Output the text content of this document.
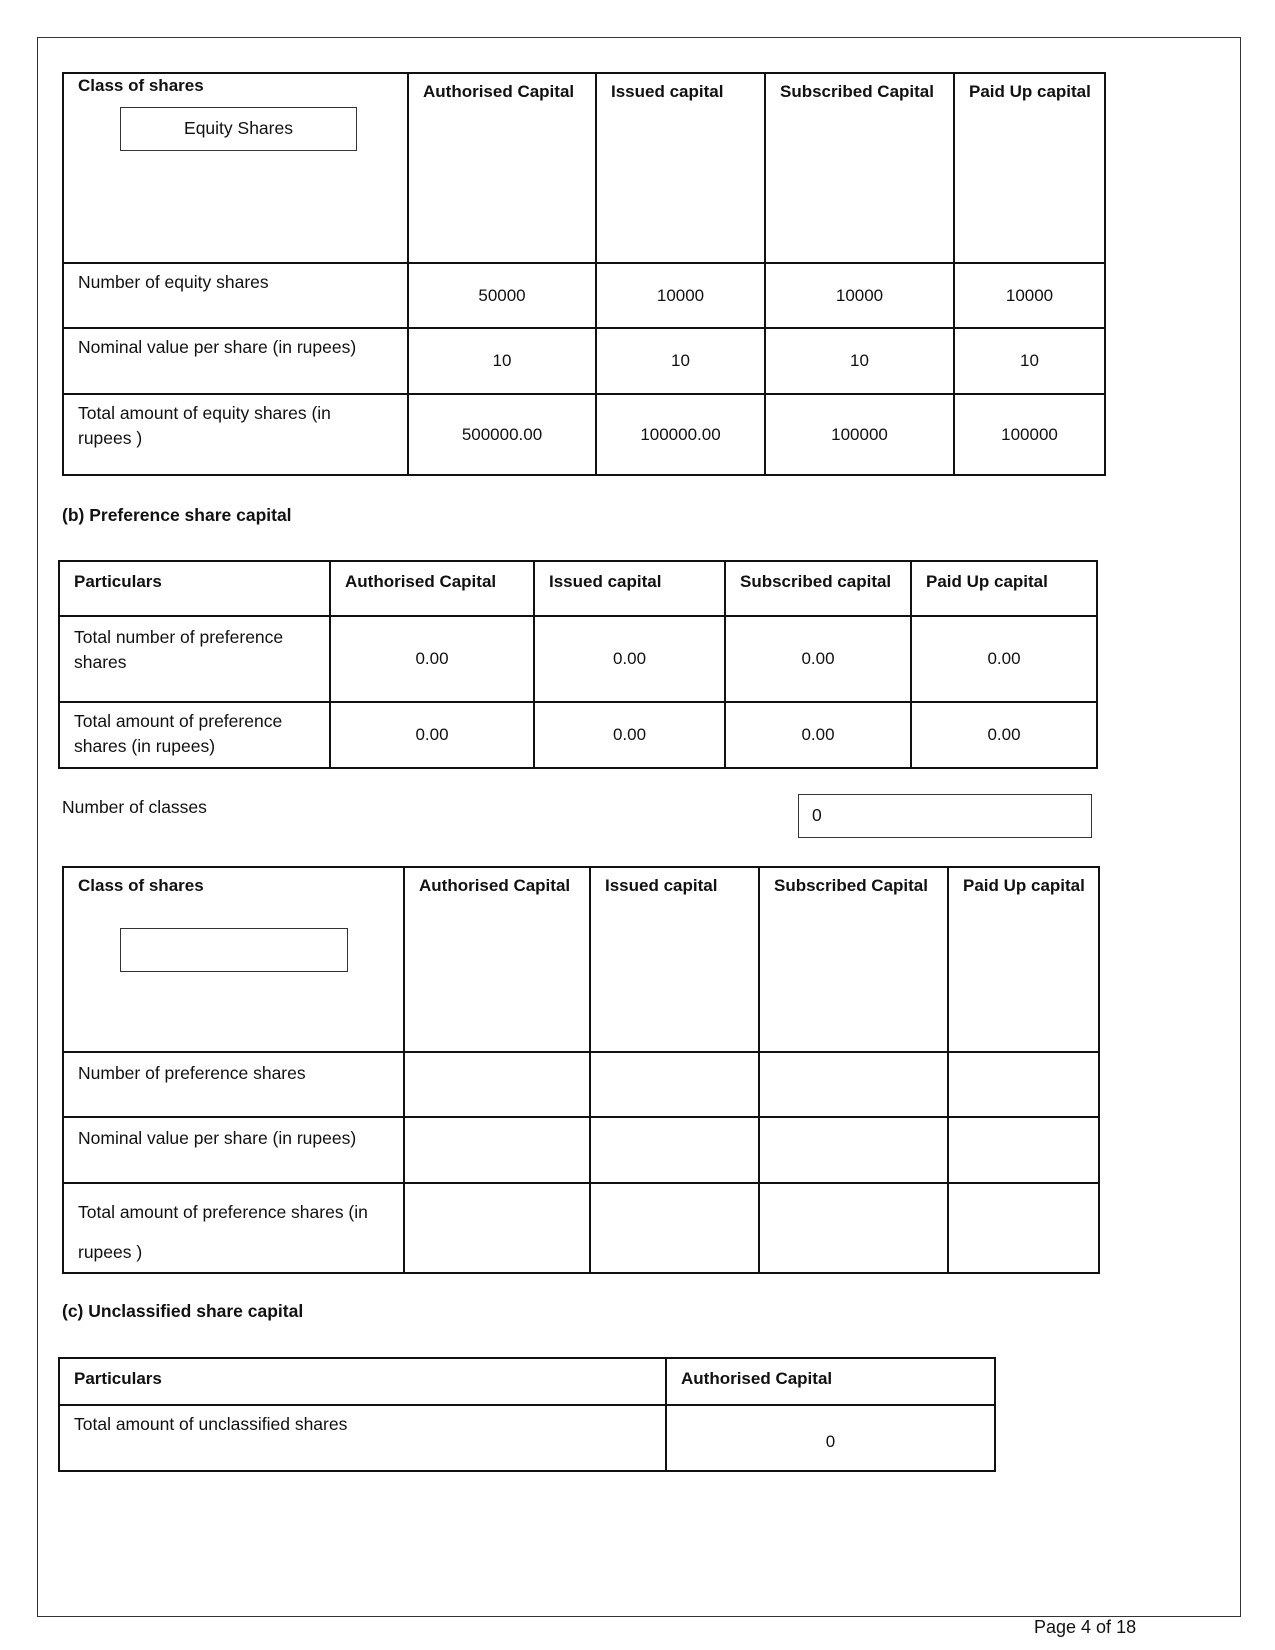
Class of shares	Authorised Capital	Issued capital	Subscribed Capital	Paid Up capital

Number of equity shares	50000	10000	10000	10000

Nominal value per share (in rupees)	10	10	10	10

Total amount of equity shares (in rupees )	500000.00	100000.00	100000	100000
Equity Shares
(b) Preference share capital
Particulars	Authorised Capital	Issued capital	Subscribed capital	Paid Up capital

Total number of preference shares	0.00	0.00	0.00	0.00

Total amount of preference shares (in rupees)	0.00	0.00	0.00	0.00
Number of classes	0
Class of shares	Authorised Capital	Issued capital	Subscribed Capital	Paid Up capital

Number of preference shares				

Nominal value per share (in rupees)				

Total amount of preference shares (in rupees )				

(c) Unclassified share capital
Particulars	Authorised Capital

Total amount of unclassified shares	0
Page 4 of 18
